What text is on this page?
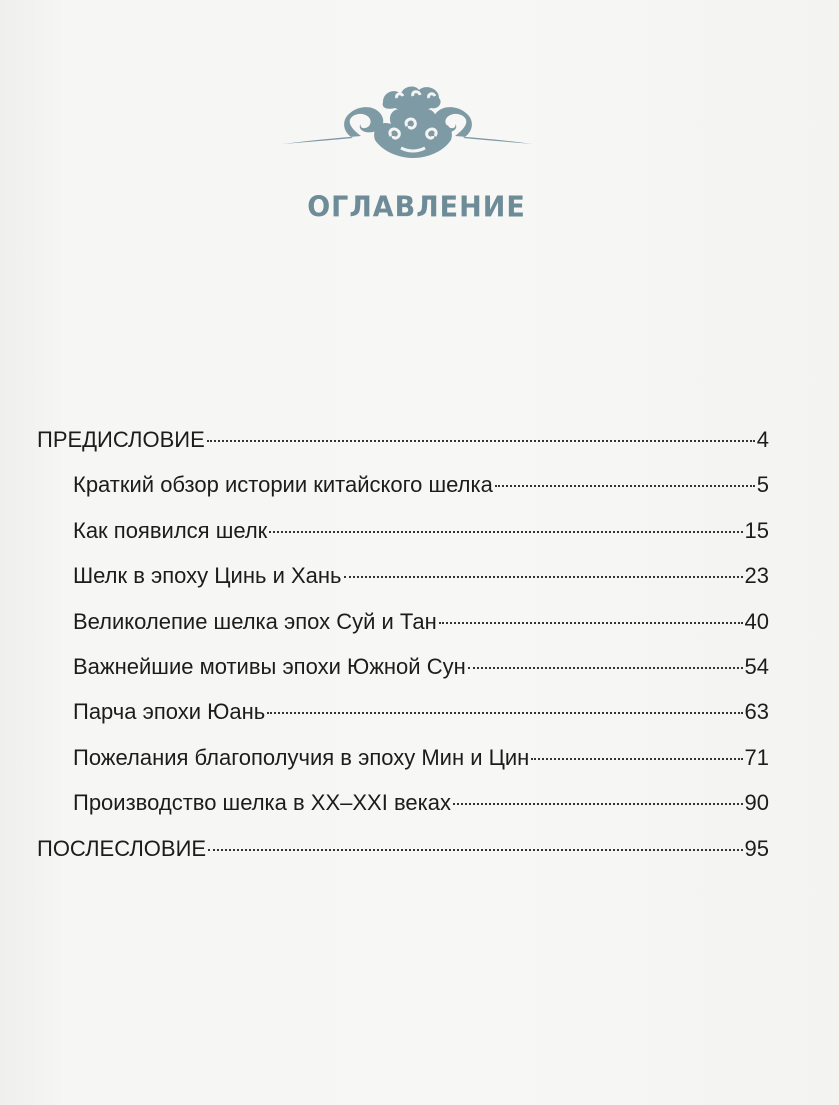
ОГЛАВЛЕНИЕ
ПРЕДИСЛОВИЕ	4
Краткий обзор истории китайского шелка	5
Как появился шелк	15
Шелк в эпоху Цинь и Хань	23
Великолепие шелка эпох Суй и Тан	40
Важнейшие мотивы эпохи Южной Сун	54
Парча эпохи Юань	63
Пожелания благополучия в эпоху Мин и Цин	71
Производство шелка в XX–XXI веках	90
ПОСЛЕСЛОВИЕ	95
